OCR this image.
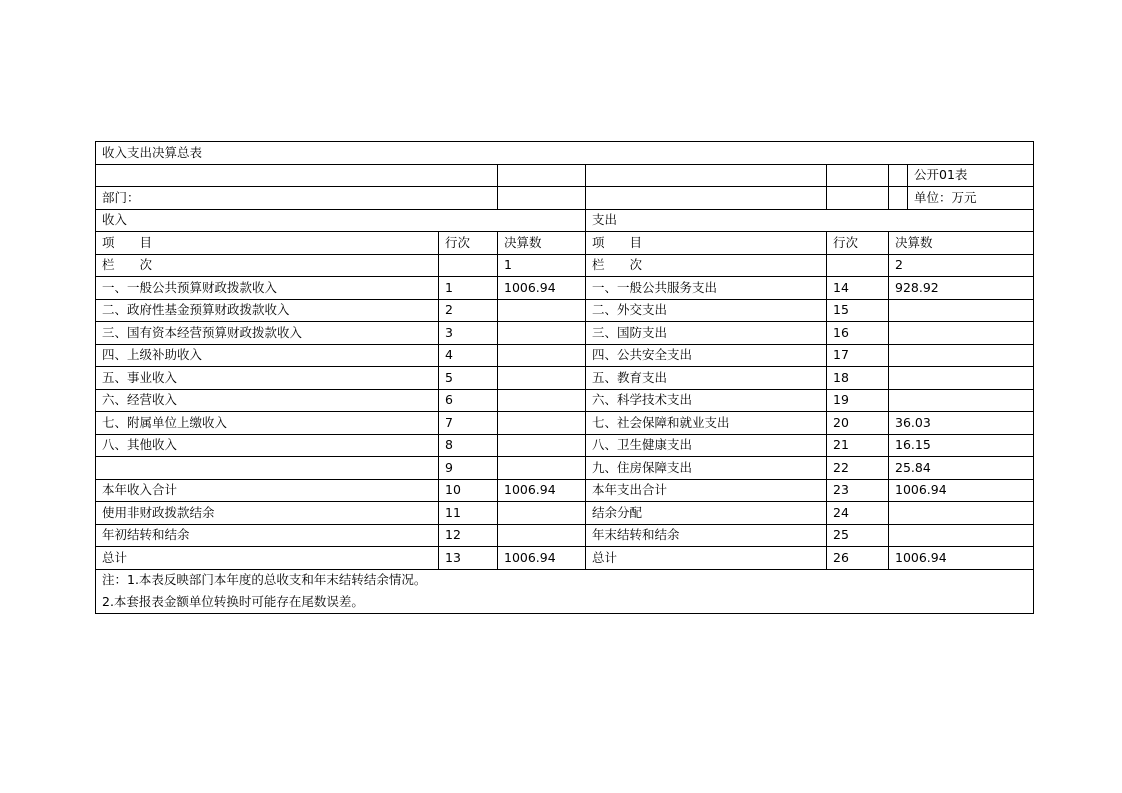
收入支出决算总表						
						公开01表
部门：						单位：万元
收入			支出			
项　　目	行次	决算数	项　　目	行次	决算数	
栏　　次		1	栏　　次		2	
一、一般公共预算财政拨款收入	1	1006.94	一、一般公共服务支出	14	928.92	
二、政府性基金预算财政拨款收入	2		二、外交支出	15		
三、国有资本经营预算财政拨款收入	3		三、国防支出	16		
四、上级补助收入	4		四、公共安全支出	17		
五、事业收入	5		五、教育支出	18		
六、经营收入	6		六、科学技术支出	19		
七、附属单位上缴收入	7		七、社会保障和就业支出	20	36.03	
八、其他收入	8		八、卫生健康支出	21	16.15	
	9		九、住房保障支出	22	25.84	
本年收入合计	10	1006.94	本年支出合计	23	1006.94	
使用非财政拨款结余	11		结余分配	24		
年初结转和结余	12		年末结转和结余	25		
总计	13	1006.94	总计	26	1006.94	
注：1.本表反映部门本年度的总收支和年末结转结余情况。						
2.本套报表金额单位转换时可能存在尾数误差。						
